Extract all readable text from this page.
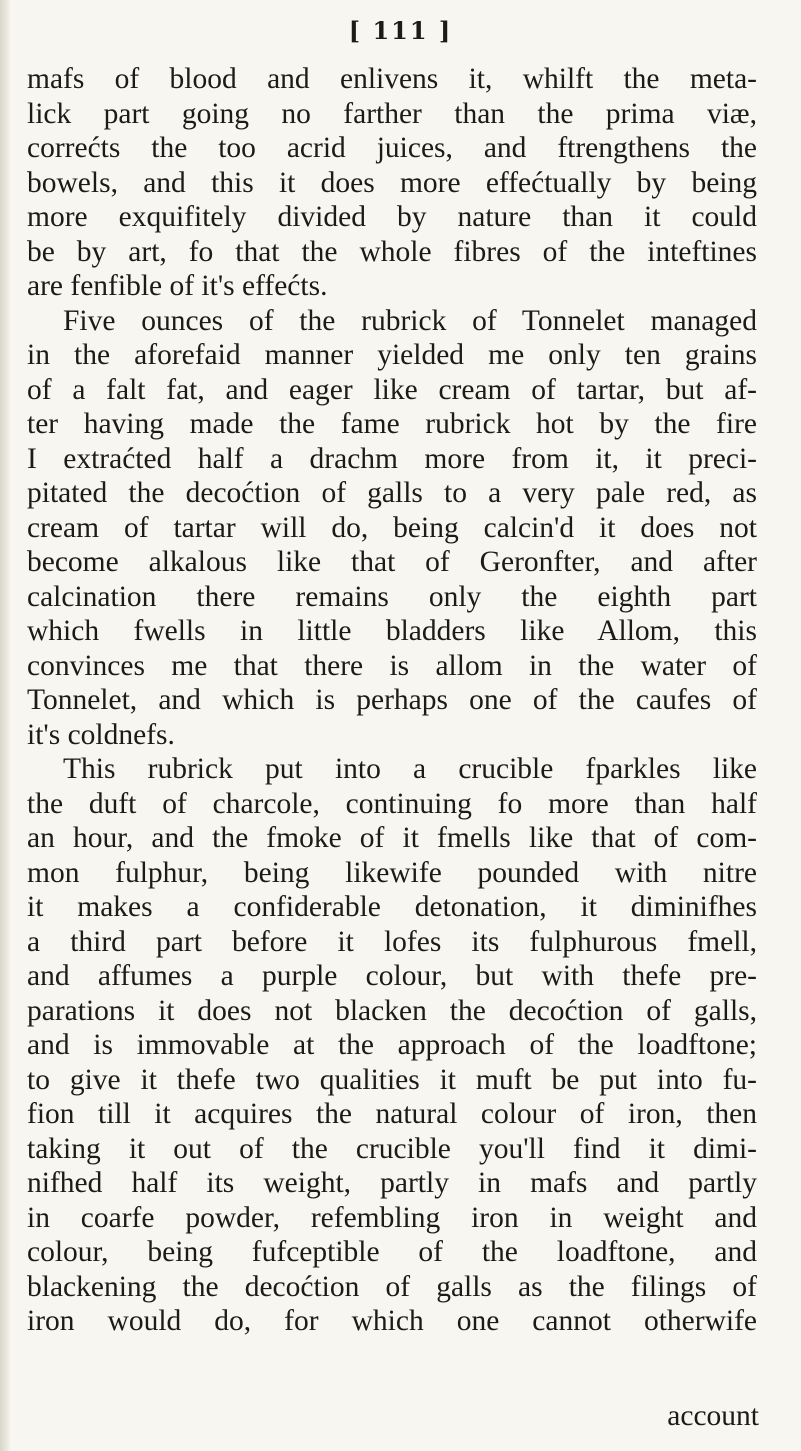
[ 111 ]
mafs of blood and enlivens it, whilft the meta-
lick part going no farther than the prima viæ,
correćts the too acrid juices, and ftrengthens the
bowels, and this it does more effećtually by being
more exquifitely divided by nature than it could
be by art, fo that the whole fibres of the inteftines
are fenfible of it's effećts.
Five ounces of the rubrick of Tonnelet managed
in the aforefaid manner yielded me only ten grains
of a falt fat, and eager like cream of tartar, but af-
ter having made the fame rubrick hot by the fire
I extraćted half a drachm more from it, it preci-
pitated the decoćtion of galls to a very pale red, as
cream of tartar will do, being calcin'd it does not
become alkalous like that of Geronfter, and after
calcination there remains only the eighth part
which fwells in little bladders like Allom, this
convinces me that there is allom in the water of
Tonnelet, and which is perhaps one of the caufes of
it's coldnefs.
This rubrick put into a crucible fparkles like
the duft of charcole, continuing fo more than half
an hour, and the fmoke of it fmells like that of com-
mon fulphur, being likewife pounded with nitre
it makes a confiderable detonation, it diminifhes
a third part before it lofes its fulphurous fmell,
and affumes a purple colour, but with thefe pre-
parations it does not blacken the decoćtion of galls,
and is immovable at the approach of the loadftone;
to give it thefe two qualities it muft be put into fu-
fion till it acquires the natural colour of iron, then
taking it out of the crucible you'll find it dimi-
nifhed half its weight, partly in mafs and partly
in coarfe powder, refembling iron in weight and
colour, being fufceptible of the loadftone, and
blackening the decoćtion of galls as the filings of
iron would do, for which one cannot otherwife
account
